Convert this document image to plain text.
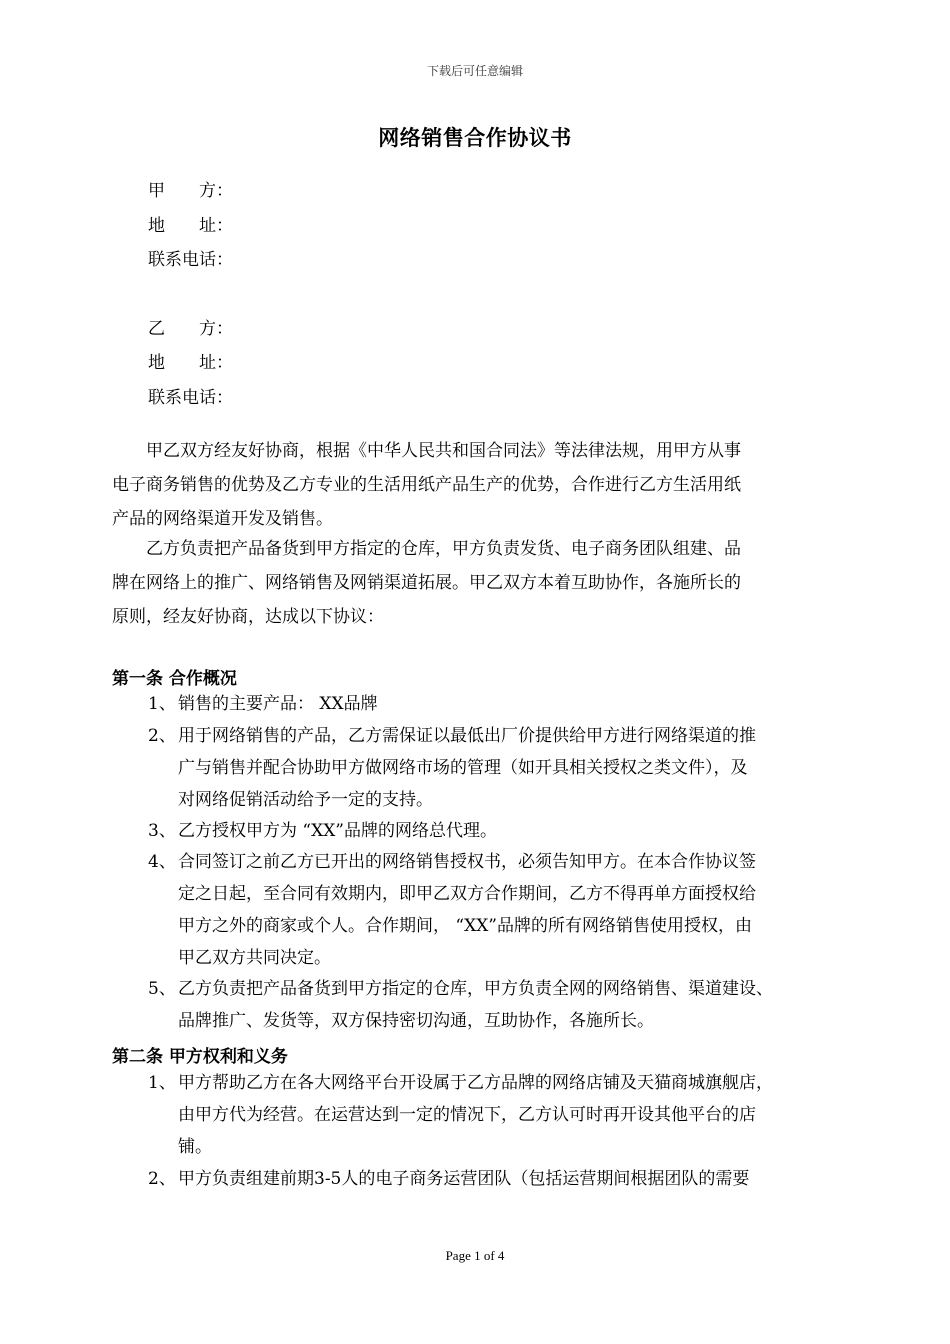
下载后可任意编辑
网络销售合作协议书
甲　　方：
地　　址：
联系电话：
乙　　方：
地　　址：
联系电话：
　　甲乙双方经友好协商，根据《中华人民共和国合同法》等法律法规，用甲方从事
电子商务销售的优势及乙方专业的生活用纸产品生产的优势，合作进行乙方生活用纸
产品的网络渠道开发及销售。
　　乙方负责把产品备货到甲方指定的仓库，甲方负责发货、电子商务团队组建、品
牌在网络上的推广、网络销售及网销渠道拓展。甲乙双方本着互助协作，各施所长的
原则，经友好协商，达成以下协议：
第一条 合作概况
1、 销售的主要产品： XX品牌
2、 用于网络销售的产品，乙方需保证以最低出厂价提供给甲方进行网络渠道的推
广与销售并配合协助甲方做网络市场的管理（如开具相关授权之类文件），及
对网络促销活动给予一定的支持。
3、 乙方授权甲方为 “XX”品牌的网络总代理。
4、 合同签订之前乙方已开出的网络销售授权书，必须告知甲方。在本合作协议签
定之日起，至合同有效期内，即甲乙双方合作期间，乙方不得再单方面授权给
甲方之外的商家或个人。合作期间， “XX”品牌的所有网络销售使用授权，由
甲乙双方共同决定。
5、 乙方负责把产品备货到甲方指定的仓库，甲方负责全网的网络销售、渠道建设、
品牌推广、发货等，双方保持密切沟通，互助协作，各施所长。
第二条 甲方权利和义务
1、 甲方帮助乙方在各大网络平台开设属于乙方品牌的网络店铺及天猫商城旗舰店，
由甲方代为经营。在运营达到一定的情况下，乙方认可时再开设其他平台的店
铺。
2、 甲方负责组建前期3-5人的电子商务运营团队（包括运营期间根据团队的需要
Page 1 of 4
